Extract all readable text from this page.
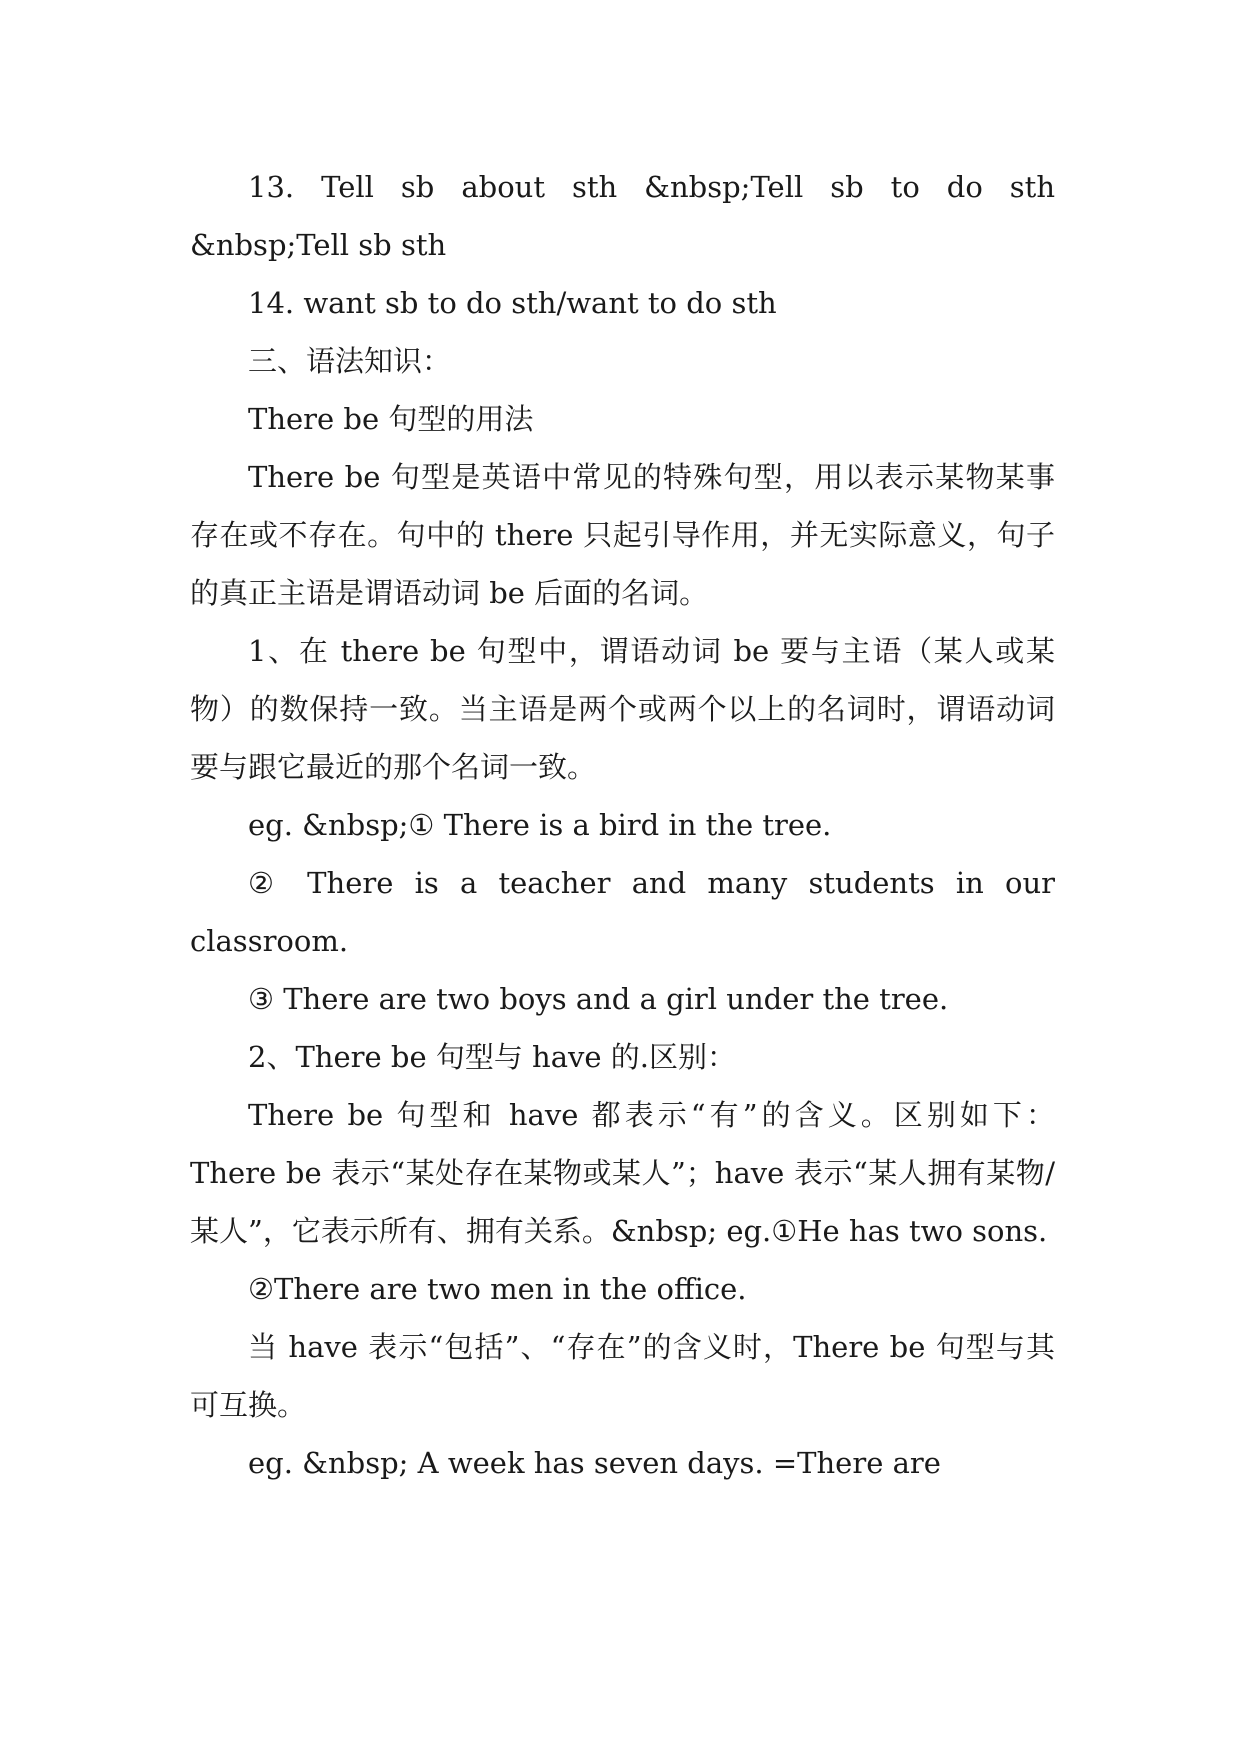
13. Tell sb about sth &nbsp;Tell sb to do sth &nbsp;Tell sb sth

14. want sb to do sth/want to do sth

三、语法知识：

There be 句型的用法

There be 句型是英语中常见的特殊句型，用以表示某物某事存在或不存在。句中的 there 只起引导作用，并无实际意义，句子的真正主语是谓语动词 be 后面的名词。

1、在 there be 句型中，谓语动词 be 要与主语（某人或某物）的数保持一致。当主语是两个或两个以上的名词时，谓语动词要与跟它最近的那个名词一致。

eg. &nbsp;① There is a bird in the tree.

② There is a teacher and many students in our classroom.

③ There are two boys and a girl under the tree.

2、There be 句型与 have 的.区别：

There be 句型和 have 都表示“有”的含义。区别如下：There be 表示“某处存在某物或某人”；have 表示“某人拥有某物/某人”，它表示所有、拥有关系。&nbsp; eg.①He has two sons.

②There are two men in the office.

当 have 表示“包括”、“存在”的含义时，There be 句型与其可互换。

eg. &nbsp; A week has seven days. =There are
